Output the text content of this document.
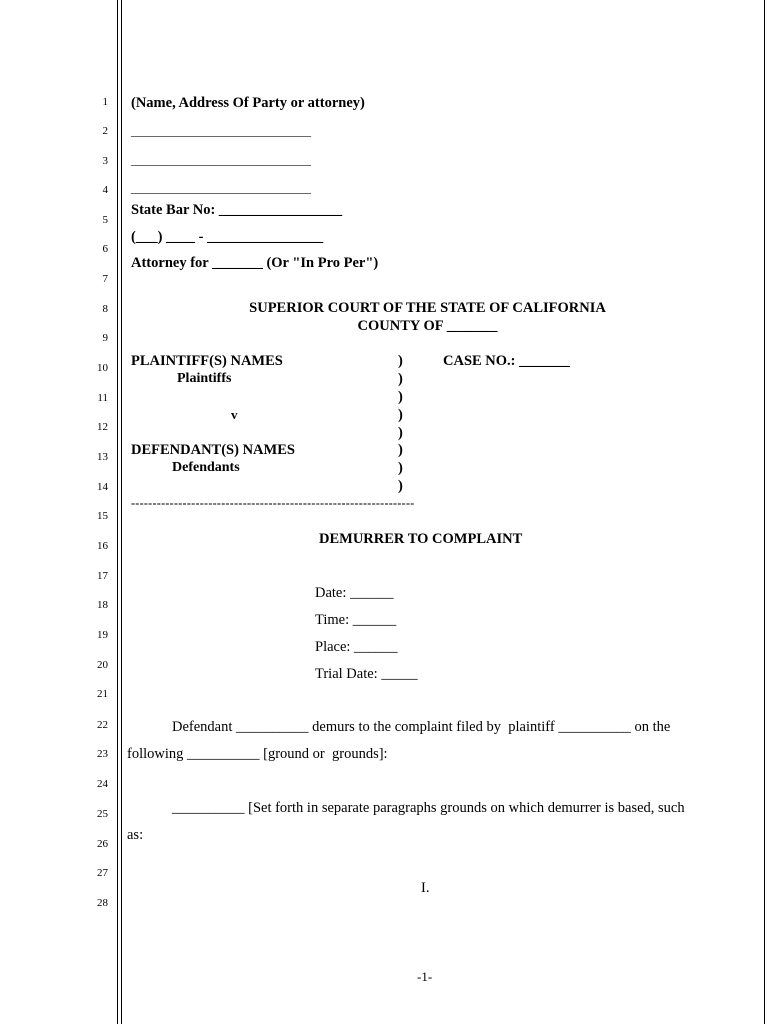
1
2
3
4
5
6
7
8
9
10
11
12
13
14
15
16
17
18
19
20
21
22
23
24
25
26
27
28
(Name, Address Of Party or attorney)
______________________________
______________________________
______________________________
State Bar No: _________________
(___) ____ - ________________
Attorney for _______ (Or "In Pro Per")
SUPERIOR COURT OF THE STATE OF CALIFORNIA
COUNTY OF _______
PLAINTIFF(S) NAMES
Plaintiffs
v
DEFENDANT(S) NAMES
Defendants
)
)
)
)
)
)
)
)
CASE NO.: _______
------------------------------------------------------------------
DEMURRER TO COMPLAINT
Date: ______
Time: ______
Place: ______
Trial Date: _____
Defendant __________ demurs to the complaint filed by  plaintiff __________ on the
following __________ [ground or  grounds]:
__________ [Set forth in separate paragraphs grounds on which demurrer is based, such
as:
I.
-1-
